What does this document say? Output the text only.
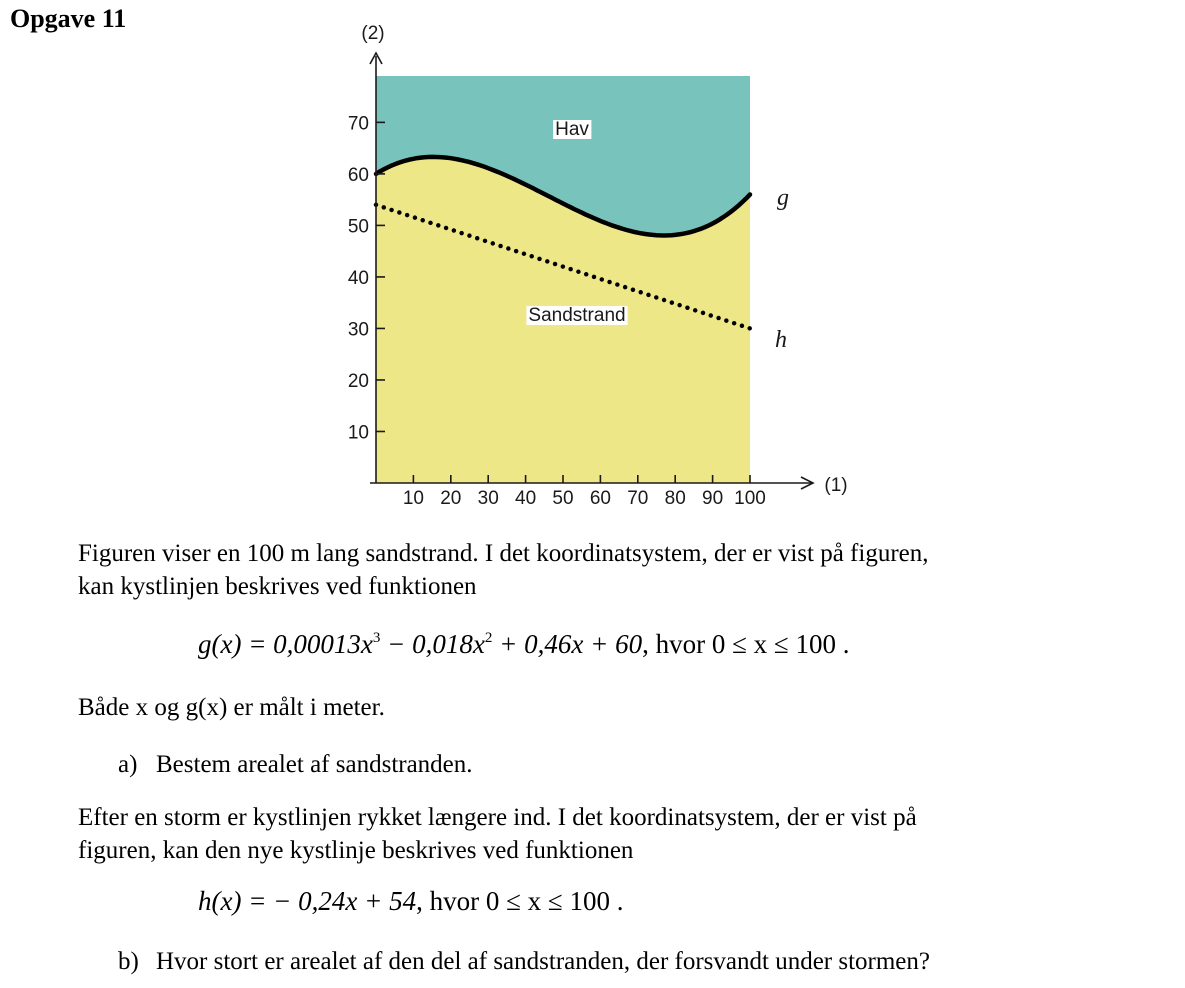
Opgave 11
10 20 30 40 50 60 70 80 90 100
10
20
30
40
50
60
70
(2)
(1)
Hav
Sandstrand
g
h

Figuren viser en 100 m lang sandstrand. I det koordinatsystem, der er vist på figuren,
kan kystlinjen beskrives ved funktionen

$g(x) = 0,00013x^3 - 0,018x^2 + 0,46x + 60$, hvor 0 ≤ x ≤ 100 .

Både x og g(x) er målt i meter.

a) Bestem arealet af sandstranden.

Efter en storm er kystlinjen rykket længere ind. I det koordinatsystem, der er vist på
figuren, kan den nye kystlinje beskrives ved funktionen

h(x) = − 0,24x + 54, hvor 0 ≤ x ≤ 100 .
b) Hvor stort er arealet af den del af sandstranden, der forsvandt under stormen?
